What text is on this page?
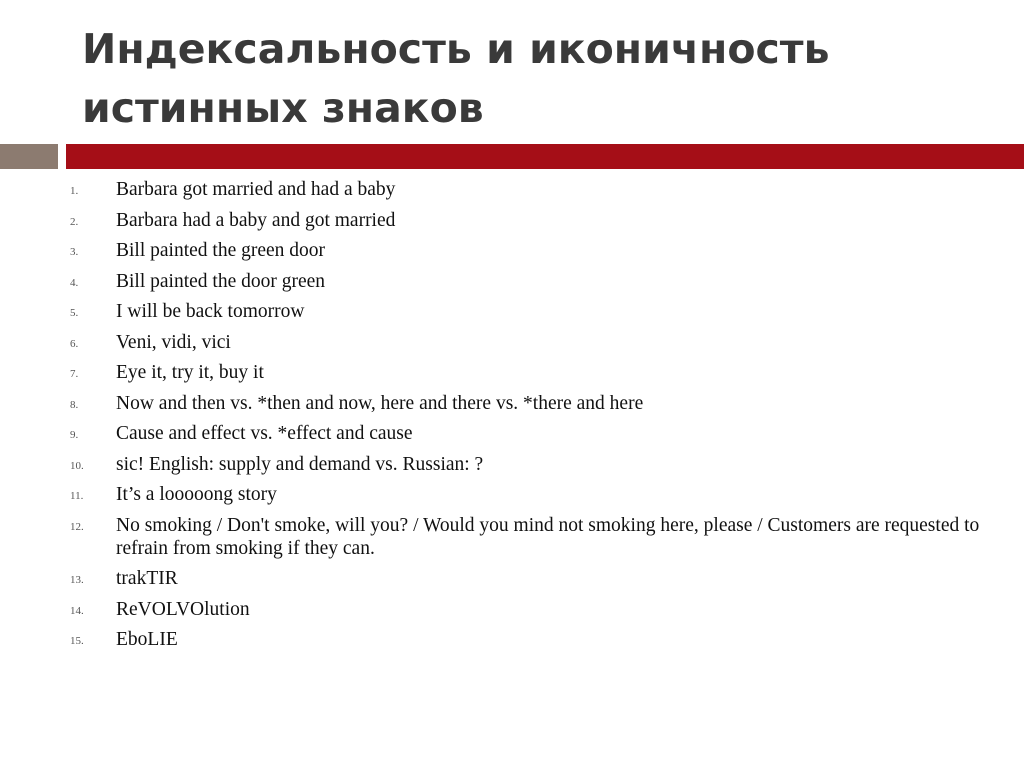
Индексальность и иконичность
истинных знаков
1.	Barbara got married and had a baby
2.	Barbara had a baby and got married
3.	Bill painted the green door
4.	Bill painted the door green
5.	I will be back tomorrow
6.	Veni, vidi, vici
7.	Eye it, try it, buy it
8.	Now and then vs. *then and now, here and there vs. *there and here
9.	Cause and effect vs. *effect and cause
10.	sic! English: supply and demand vs. Russian: ?
11.	It’s a looooong story
12.	No smoking / Don't smoke, will you? / Would you mind not smoking here, please / Customers are requested to refrain from smoking if they can.
13.	trakTIR
14.	ReVOLVOlution
15.	EboLIE
